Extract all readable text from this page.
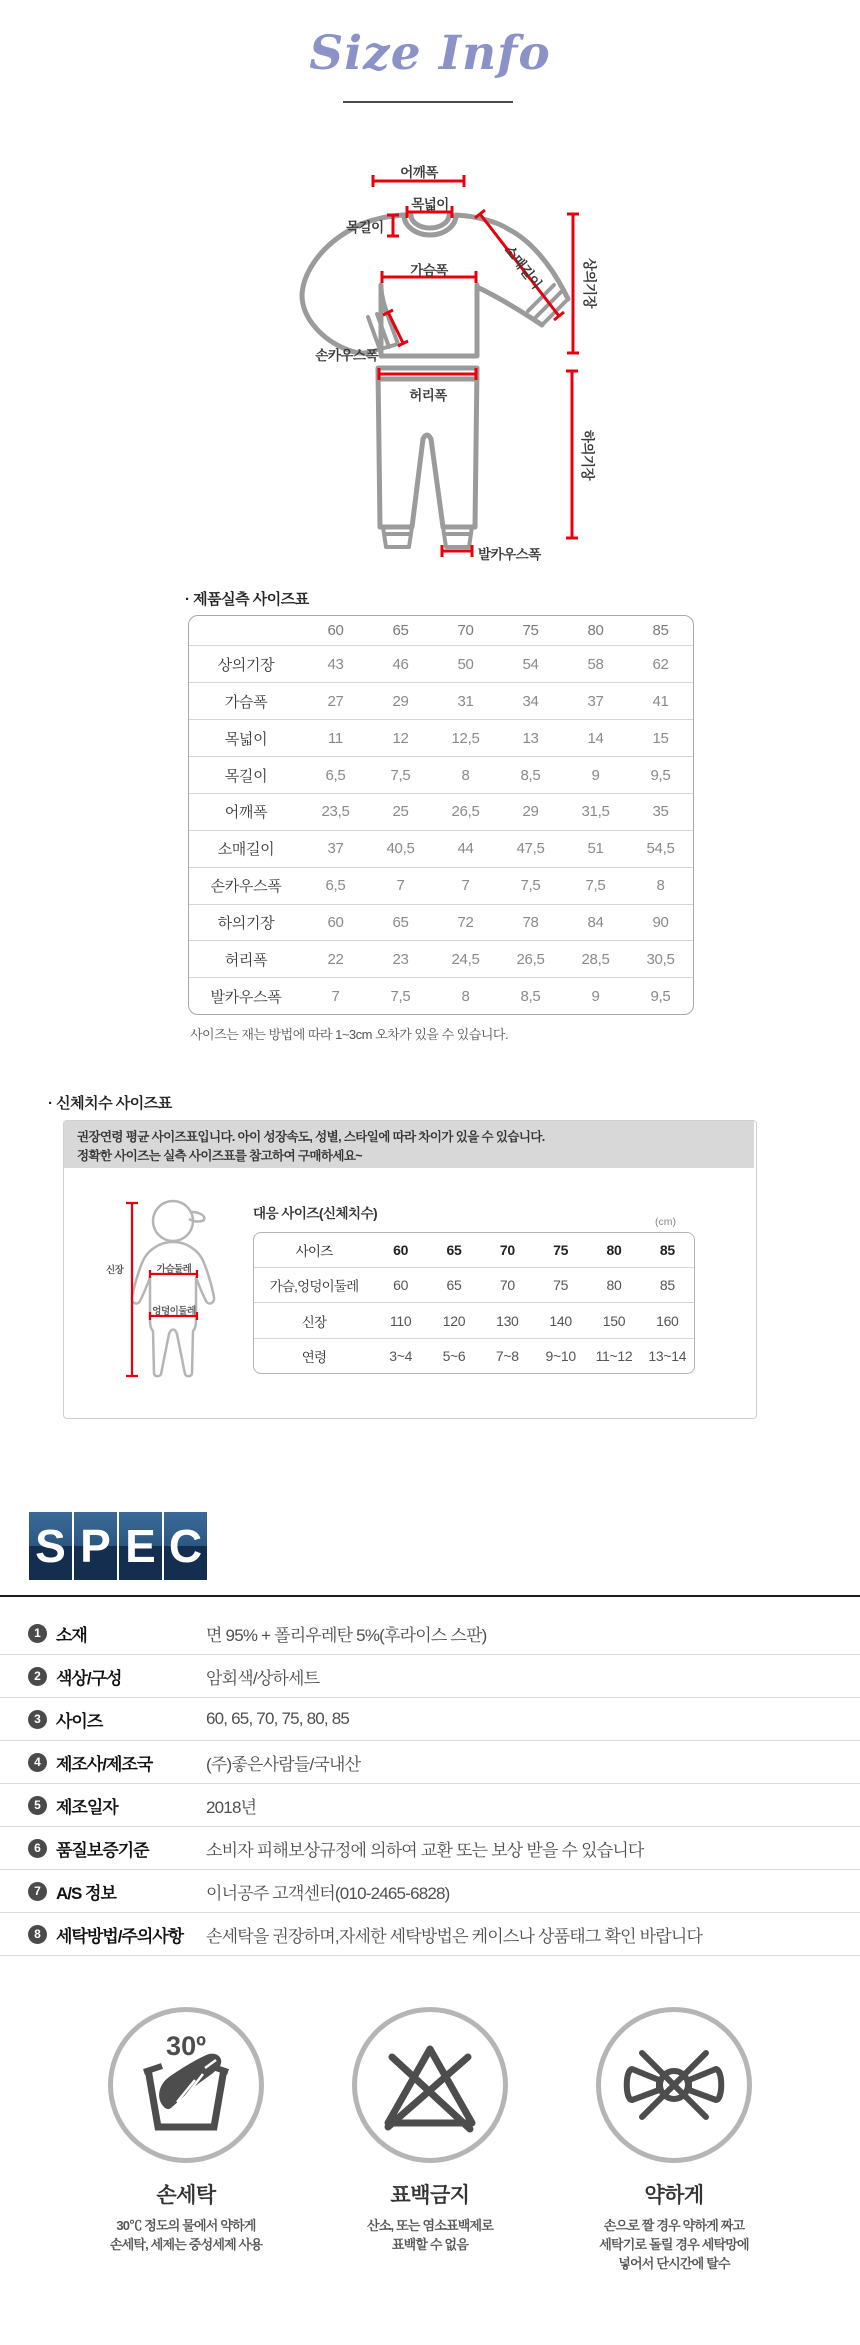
Size Info
어깨폭
목넓이
목길이
소매길이
가슴폭	상의기장
손카우스폭
허리폭
하의기장
발카우스폭
· 제품실측 사이즈표
	60	65	70	75	80	85
상의기장	43	46	50	54	58	62
가슴폭	27	29	31	34	37	41
목넓이	11	12	12,5	13	14	15
목길이	6,5	7,5	8	8,5	9	9,5
어깨폭	23,5	25	26,5	29	31,5	35
소매길이	37	40,5	44	47,5	51	54,5
손카우스폭	6,5	7	7	7,5	7,5	8
하의기장	60	65	72	78	84	90
허리폭	22	23	24,5	26,5	28,5	30,5
발카우스폭	7	7,5	8	8,5	9	9,5
사이즈는 재는 방법에 따라 1~3cm 오차가 있을 수 있습니다.
· 신체치수 사이즈표
권장연령 평균 사이즈표입니다. 아이 성장속도, 성별, 스타일에 따라 차이가 있을 수 있습니다.
정확한 사이즈는 실측 사이즈표를 참고하여 구매하세요~
신장	가슴둘레
엉덩이둘레
대응 사이즈(신체치수)
(cm)
사이즈	60	65	70	75	80	85
가슴,엉덩이둘레	60	65	70	75	80	85
신장	110	120	130	140	150	160
연령	3~4	5~6	7~8	9~10	11~12	13~14
S P E C
1 소재	면 95% + 폴리우레탄 5%(후라이스 스판)
2 색상/구성	암회색/상하세트
3 사이즈	60, 65, 70, 75, 80, 85
4 제조사/제조국	(주)좋은사람들/국내산
5 제조일자	2018년
6 품질보증기준	소비자 피해보상규정에 의하여 교환 또는 보상 받을 수 있습니다
7 A/S 정보	이너공주 고객센터(010-2465-6828)
8 세탁방법/주의사항	손세탁을 권장하며,자세한 세탁방법은 케이스나 상품태그 확인 바랍니다
30º
손세탁
30℃ 정도의 물에서 약하게
손세탁, 세제는 중성세제 사용
표백금지
산소, 또는 염소표백제로
표백할 수 없음
약하게
손으로 짤 경우 약하게 짜고
세탁기로 돌릴 경우 세탁망에
넣어서 단시간에 탈수
